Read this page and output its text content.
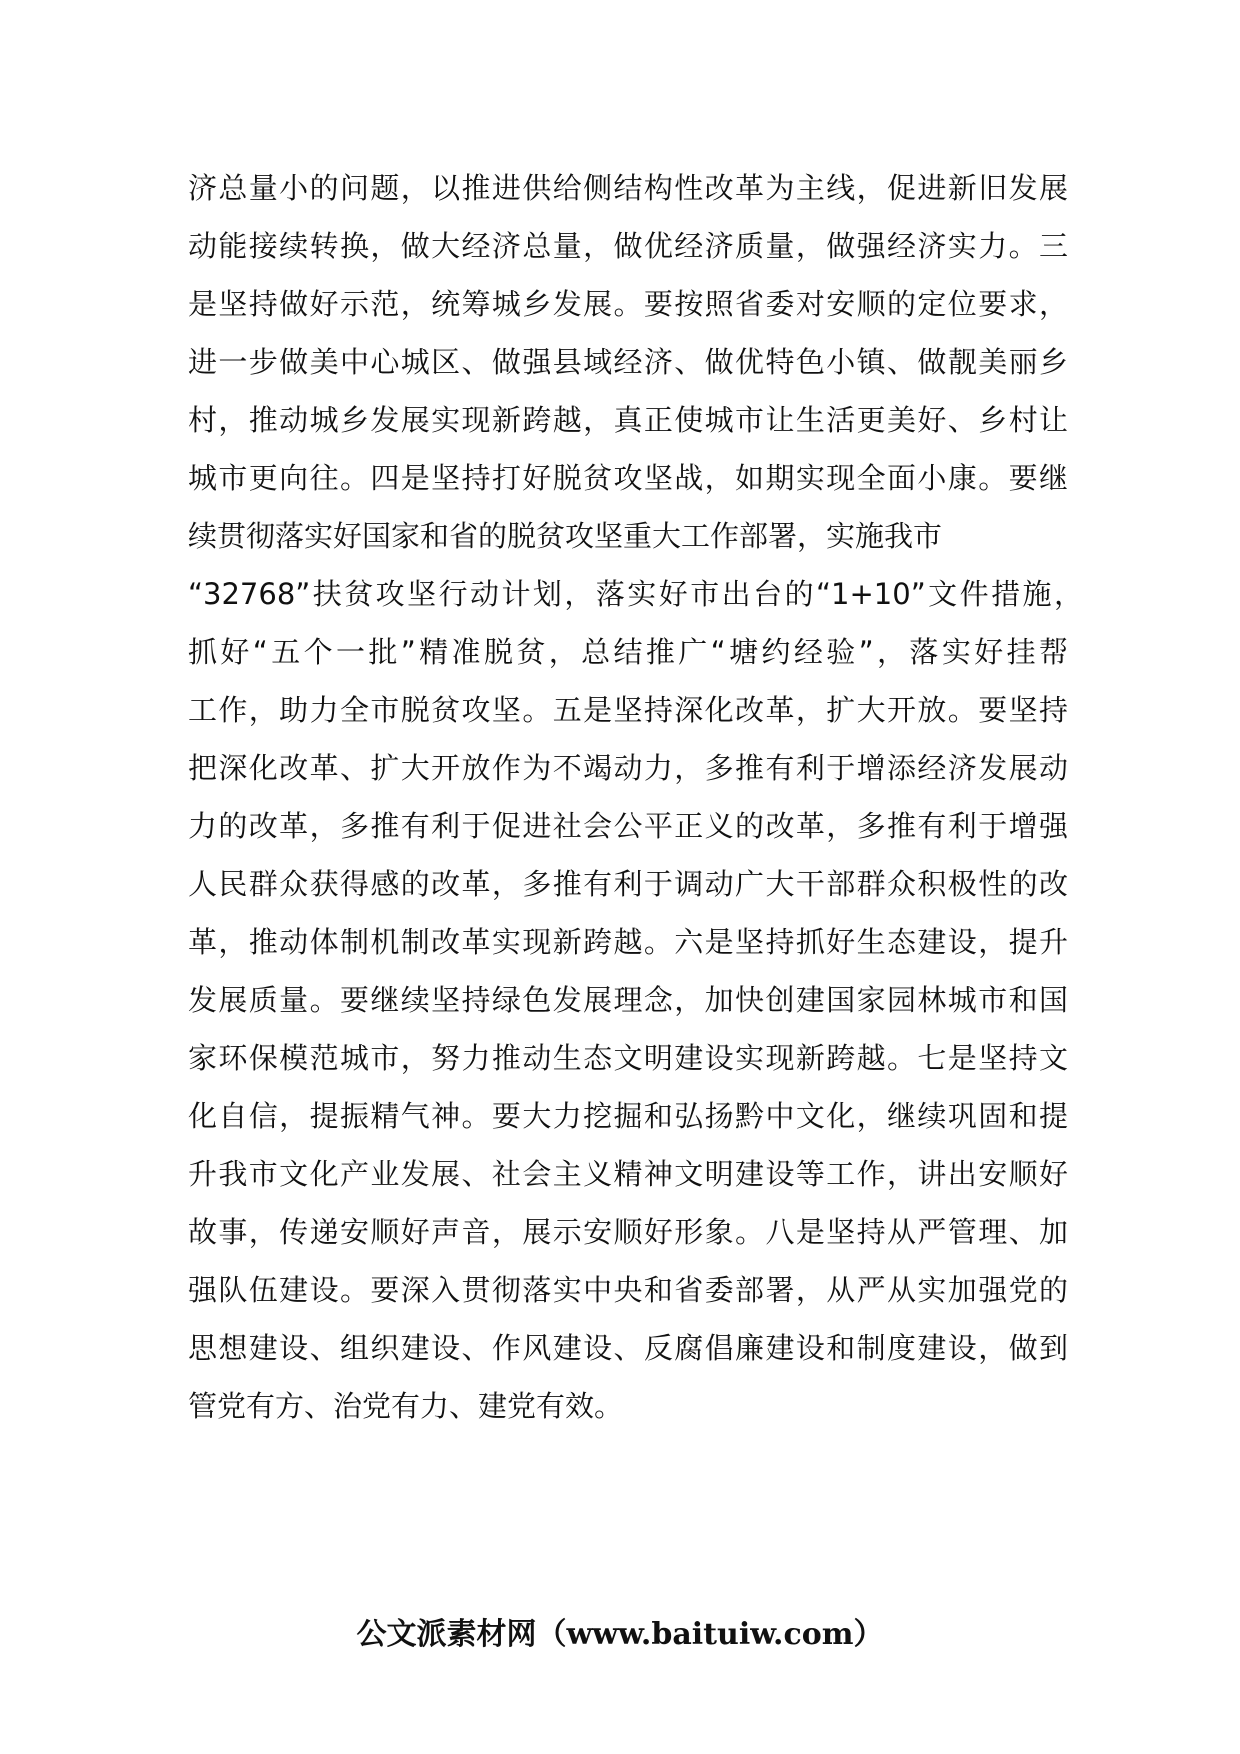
济总量小的问题，以推进供给侧结构性改革为主线，促进新旧发展
动能接续转换，做大经济总量，做优经济质量，做强经济实力。三
是坚持做好示范，统筹城乡发展。要按照省委对安顺的定位要求，
进一步做美中心城区、做强县域经济、做优特色小镇、做靓美丽乡
村，推动城乡发展实现新跨越，真正使城市让生活更美好、乡村让
城市更向往。四是坚持打好脱贫攻坚战，如期实现全面小康。要继
续贯彻落实好国家和省的脱贫攻坚重大工作部署，实施我市
“32768”扶贫攻坚行动计划，落实好市出台的“1+10”文件措施，
抓好“五个一批”精准脱贫，总结推广“塘约经验”，落实好挂帮
工作，助力全市脱贫攻坚。五是坚持深化改革，扩大开放。要坚持
把深化改革、扩大开放作为不竭动力，多推有利于增添经济发展动
力的改革，多推有利于促进社会公平正义的改革，多推有利于增强
人民群众获得感的改革，多推有利于调动广大干部群众积极性的改
革，推动体制机制改革实现新跨越。六是坚持抓好生态建设，提升
发展质量。要继续坚持绿色发展理念，加快创建国家园林城市和国
家环保模范城市，努力推动生态文明建设实现新跨越。七是坚持文
化自信，提振精气神。要大力挖掘和弘扬黔中文化，继续巩固和提
升我市文化产业发展、社会主义精神文明建设等工作，讲出安顺好
故事，传递安顺好声音，展示安顺好形象。八是坚持从严管理、加
强队伍建设。要深入贯彻落实中央和省委部署，从严从实加强党的
思想建设、组织建设、作风建设、反腐倡廉建设和制度建设，做到
管党有方、治党有力、建党有效。
公文派素材网（www.baituiw.com）
